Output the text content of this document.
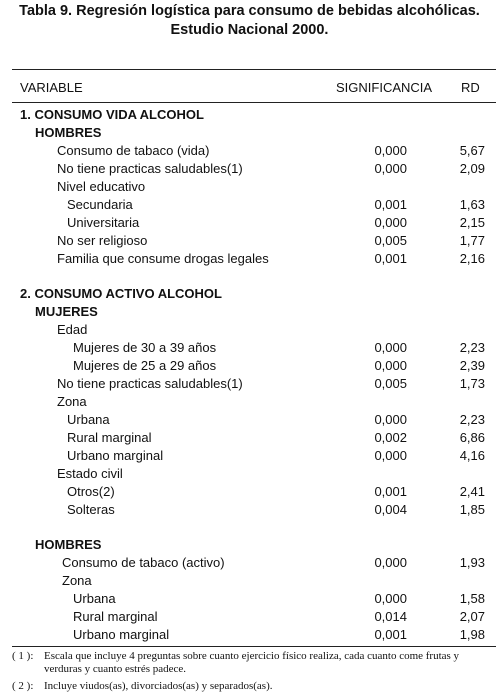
Tabla 9. Regresión logística para consumo de bebidas alcohólicas.
Estudio Nacional 2000.
VARIABLE	SIGNIFICANCIA RD
1. CONSUMO VIDA ALCOHOL
HOMBRES
Consumo de tabaco (vida)	0,000	5,67
No tiene practicas saludables(1)	0,000	2,09
Nivel educativo
Secundaria	0,001	1,63
Universitaria	0,000	2,15
No ser religioso	0,005	1,77
Familia que consume drogas legales	0,001	2,16
2. CONSUMO ACTIVO ALCOHOL
MUJERES
Edad
Mujeres de 30 a 39 años	0,000	2,23
Mujeres de 25 a 29 años	0,000	2,39
No tiene practicas saludables(1)	0,005	1,73
Zona
Urbana	0,000	2,23
Rural marginal	0,002	6,86
Urbano marginal	0,000	4,16
Estado civil
Otros(2)	0,001	2,41
Solteras	0,004	1,85
HOMBRES
Consumo de tabaco (activo)	0,000	1,93
Zona
Urbana	0,000	1,58
Rural marginal	0,014	2,07
Urbano marginal	0,001	1,98
( 1 ): Escala que incluye 4 preguntas sobre cuanto ejercicio físico realiza, cada cuanto come frutas y verduras y cuanto estrés padece.
( 2 ): Incluye viudos(as), divorciados(as) y separados(as).
